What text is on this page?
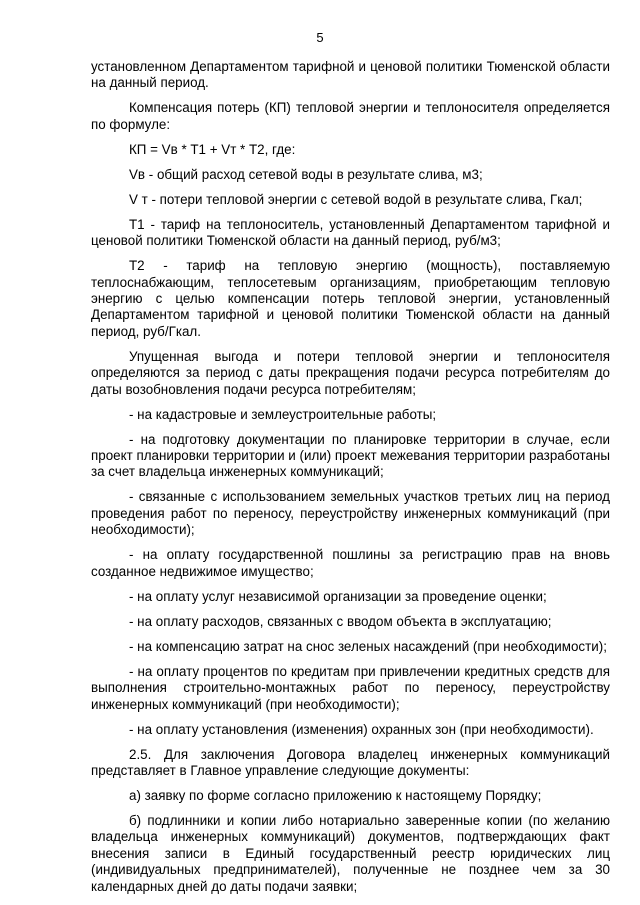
5

установленном Департаментом тарифной и ценовой политики Тюменской области на данный период.

Компенсация потерь (КП) тепловой энергии и теплоносителя определяется по формуле:

КП = Vв * Т1 + Vт * Т2, где:

Vв - общий расход сетевой воды в результате слива, м3;

V т - потери тепловой энергии с сетевой водой в результате слива, Гкал;

Т1 - тариф на теплоноситель, установленный Департаментом тарифной и ценовой политики Тюменской области на данный период, руб/м3;

Т2 - тариф на тепловую энергию (мощность), поставляемую теплоснабжающим, теплосетевым организациям, приобретающим тепловую энергию с целью компенсации потерь тепловой энергии, установленный Департаментом тарифной и ценовой политики Тюменской области на данный период, руб/Гкал.

Упущенная выгода и потери тепловой энергии и теплоносителя определяются за период с даты прекращения подачи ресурса потребителям до даты возобновления подачи ресурса потребителям;

- на кадастровые и землеустроительные работы;

- на подготовку документации по планировке территории в случае, если проект планировки территории и (или) проект межевания территории разработаны за счет владельца инженерных коммуникаций;

- связанные с использованием земельных участков третьих лиц на период проведения работ по переносу, переустройству инженерных коммуникаций (при необходимости);

- на оплату государственной пошлины за регистрацию прав на вновь созданное недвижимое имущество;

- на оплату услуг независимой организации за проведение оценки;

- на оплату расходов, связанных с вводом объекта в эксплуатацию;

- на компенсацию затрат на снос зеленых насаждений (при необходимости);

- на оплату процентов по кредитам при привлечении кредитных средств для выполнения строительно-монтажных работ по переносу, переустройству инженерных коммуникаций (при необходимости);

- на оплату установления (изменения) охранных зон (при необходимости).

2.5. Для заключения Договора владелец инженерных коммуникаций представляет в Главное управление следующие документы:

а) заявку по форме согласно приложению к настоящему Порядку;

б) подлинники и копии либо нотариально заверенные копии (по желанию владельца инженерных коммуникаций) документов, подтверждающих факт внесения записи в Единый государственный реестр юридических лиц (индивидуальных предпринимателей), полученные не позднее чем за 30 календарных дней до даты подачи заявки;
